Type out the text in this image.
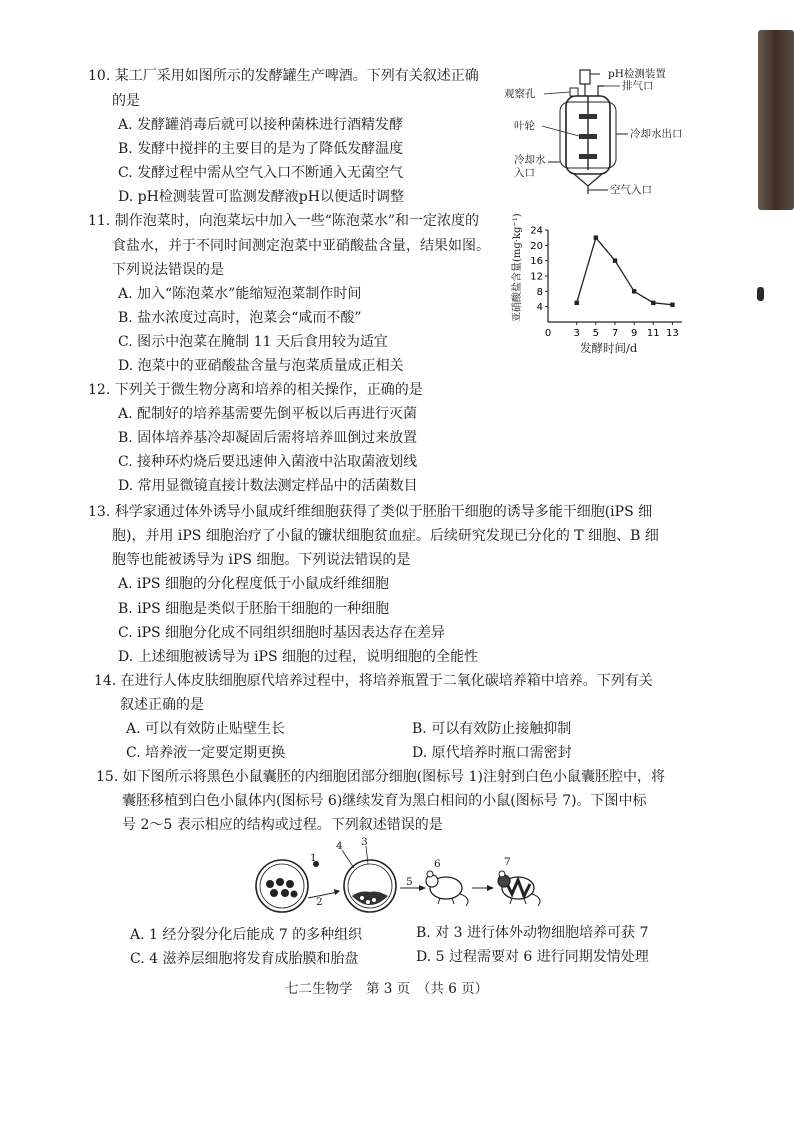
10. 某工厂采用如图所示的发酵罐生产啤酒。下列有关叙述正确
的是
A. 发酵罐消毒后就可以接种菌株进行酒精发酵
B. 发酵中搅拌的主要目的是为了降低发酵温度
C. 发酵过程中需从空气入口不断通入无菌空气
D. pH检测装置可监测发酵液pH以便适时调整
pH检测装置
观察孔
排气口
叶轮
冷却水出口
冷却水
入口
空气入口
11. 制作泡菜时，向泡菜坛中加入一些“陈泡菜水”和一定浓度的
食盐水，并于不同时间测定泡菜中亚硝酸盐含量，结果如图。
下列说法错误的是
A. 加入“陈泡菜水”能缩短泡菜制作时间
B. 盐水浓度过高时，泡菜会“咸而不酸”
C. 图示中泡菜在腌制 11 天后食用较为适宜
D. 泡菜中的亚硝酸盐含量与泡菜质量成正相关
4
8
12
16
20
24
0 3 5 7 9 11 13
亚硝酸盐含量(mg·kg⁻¹)
发酵时间/d
12. 下列关于微生物分离和培养的相关操作，正确的是
A. 配制好的培养基需要先倒平板以后再进行灭菌
B. 固体培养基冷却凝固后需将培养皿倒过来放置
C. 接种环灼烧后要迅速伸入菌液中沾取菌液划线
D. 常用显微镜直接计数法测定样品中的活菌数目
13. 科学家通过体外诱导小鼠成纤维细胞获得了类似于胚胎干细胞的诱导多能干细胞(iPS 细
胞)，并用 iPS 细胞治疗了小鼠的镰状细胞贫血症。后续研究发现已分化的 T 细胞、B 细
胞等也能被诱导为 iPS 细胞。下列说法错误的是
A. iPS 细胞的分化程度低于小鼠成纤维细胞
B. iPS 细胞是类似于胚胎干细胞的一种细胞
C. iPS 细胞分化成不同组织细胞时基因表达存在差异
D. 上述细胞被诱导为 iPS 细胞的过程，说明细胞的全能性
14. 在进行人体皮肤细胞原代培养过程中，将培养瓶置于二氧化碳培养箱中培养。下列有关
叙述正确的是
A. 可以有效防止贴壁生长	B. 可以有效防止接触抑制
C. 培养液一定要定期更换	D. 原代培养时瓶口需密封
15. 如下图所示将黑色小鼠囊胚的内细胞团部分细胞(图标号 1)注射到白色小鼠囊胚腔中，将
囊胚移植到白色小鼠体内(图标号 6)继续发育为黑白相间的小鼠(图标号 7)。下图中标
号 2～5 表示相应的结构或过程。下列叙述错误的是
1
2
3
4
5
6	7
A. 1 经分裂分化后能成 7 的多种组织	B. 对 3 进行体外动物细胞培养可获 7
C. 4 滋养层细胞将发育成胎膜和胎盘	D. 5 过程需要对 6 进行同期发情处理
七二生物学　第 3 页　（共 6 页）
